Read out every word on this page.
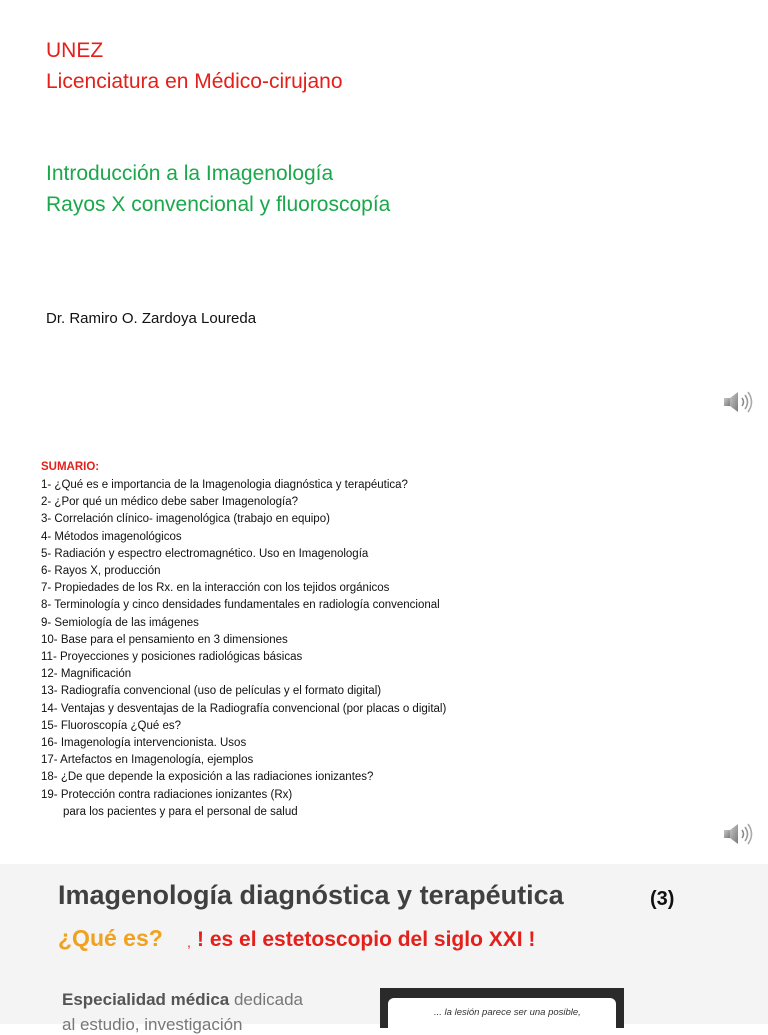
UNEZ
Licenciatura en Médico-cirujano
Introducción a la Imagenología
Rayos X convencional y fluoroscopía
Dr. Ramiro O. Zardoya Loureda
SUMARIO:
1- ¿Qué es e importancia de la Imagenologia diagnóstica y terapéutica?
2- ¿Por qué un médico debe saber Imagenología?
3- Correlación clínico- imagenológica (trabajo en equipo)
4- Métodos imagenológicos
5- Radiación y espectro electromagnético. Uso en Imagenología
6- Rayos X, producción
7- Propiedades de los Rx. en la interacción con los tejidos orgánicos
8- Terminología y cinco densidades fundamentales en radiología convencional
9- Semiología de las imágenes
10- Base para el pensamiento en 3 dimensiones
11- Proyecciones y posiciones radiológicas básicas
12- Magnificación
13- Radiografía convencional (uso de películas y el formato digital)
14- Ventajas y desventajas de la Radiografía convencional (por placas o digital)
15- Fluoroscopía ¿Qué es?
16- Imagenología intervencionista. Usos
17- Artefactos en Imagenología, ejemplos
18- ¿De que depende la exposición a las radiaciones ionizantes?
19- Protección contra radiaciones ionizantes (Rx)
para los pacientes y para el personal de salud
Imagenología diagnóstica y terapéutica	(3)
¿Qué es? , ! es el estetoscopio del siglo XXI !
Especialidad médica dedicada
al estudio, investigación
... la lesión parece ser una posible,
